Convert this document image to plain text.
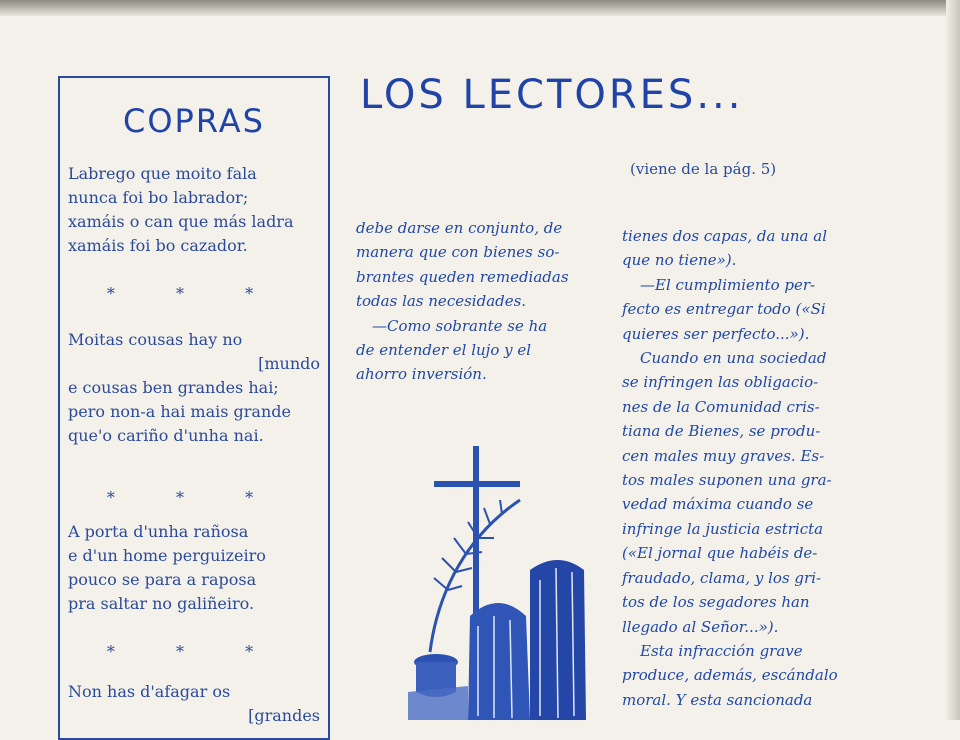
COPRAS
Labrego que moito fala
nunca foi bo labrador;
xamáis o can que más ladra
xamáis foi bo cazador.
* * *
Moitas cousas hay no
[mundo
e cousas ben grandes hai;
pero non-a hai mais grande
que'o cariño d'unha nai.
* * *
A porta d'unha rañosa
e d'un home perguizeiro
pouco se para a raposa
pra saltar no galiñeiro.
* * *
Non has d'afagar os
[grandes
LOS LECTORES...
(viene de la pág. 5)
debe darse en conjunto, de
manera que con bienes so-
brantes queden remediadas
todas las necesidades.
—Como sobrante se ha
de entender el lujo y el
ahorro inversión.
tienes dos capas, da una al
que no tiene»).
—El cumplimiento per-
fecto es entregar todo («Si
quieres ser perfecto...»).
Cuando en una sociedad
se infringen las obligacio-
nes de la Comunidad cris-
tiana de Bienes, se produ-
cen males muy graves. Es-
tos males suponen una gra-
vedad máxima cuando se
infringe la justicia estricta
(«El jornal que habéis de-
fraudado, clama, y los gri-
tos de los segadores han
llegado al Señor...»).
Esta infracción grave
produce, además, escándalo
moral. Y esta sancionada
